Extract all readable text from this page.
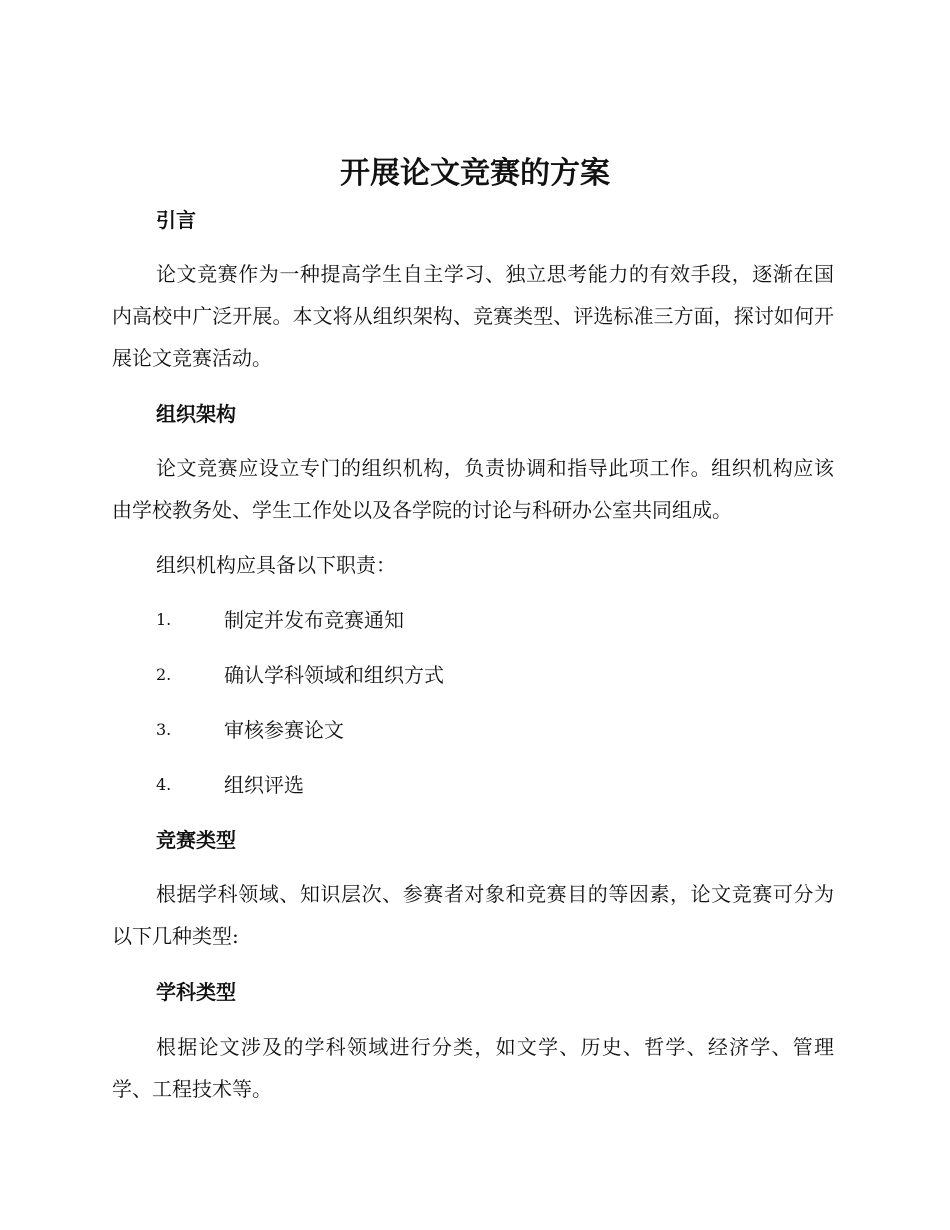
开展论文竞赛的方案
引言

论文竞赛作为一种提高学生自主学习、独立思考能力的有效手段，逐渐在国内高校中广泛开展。本文将从组织架构、竞赛类型、评选标准三方面，探讨如何开展论文竞赛活动。

组织架构

论文竞赛应设立专门的组织机构，负责协调和指导此项工作。组织机构应该由学校教务处、学生工作处以及各学院的讨论与科研办公室共同组成。

组织机构应具备以下职责：

1.	制定并发布竞赛通知
2.	确认学科领域和组织方式
3.	审核参赛论文
4.	组织评选
竞赛类型

根据学科领域、知识层次、参赛者对象和竞赛目的等因素，论文竞赛可分为以下几种类型:

学科类型

根据论文涉及的学科领域进行分类，如文学、历史、哲学、经济学、管理学、工程技术等。
